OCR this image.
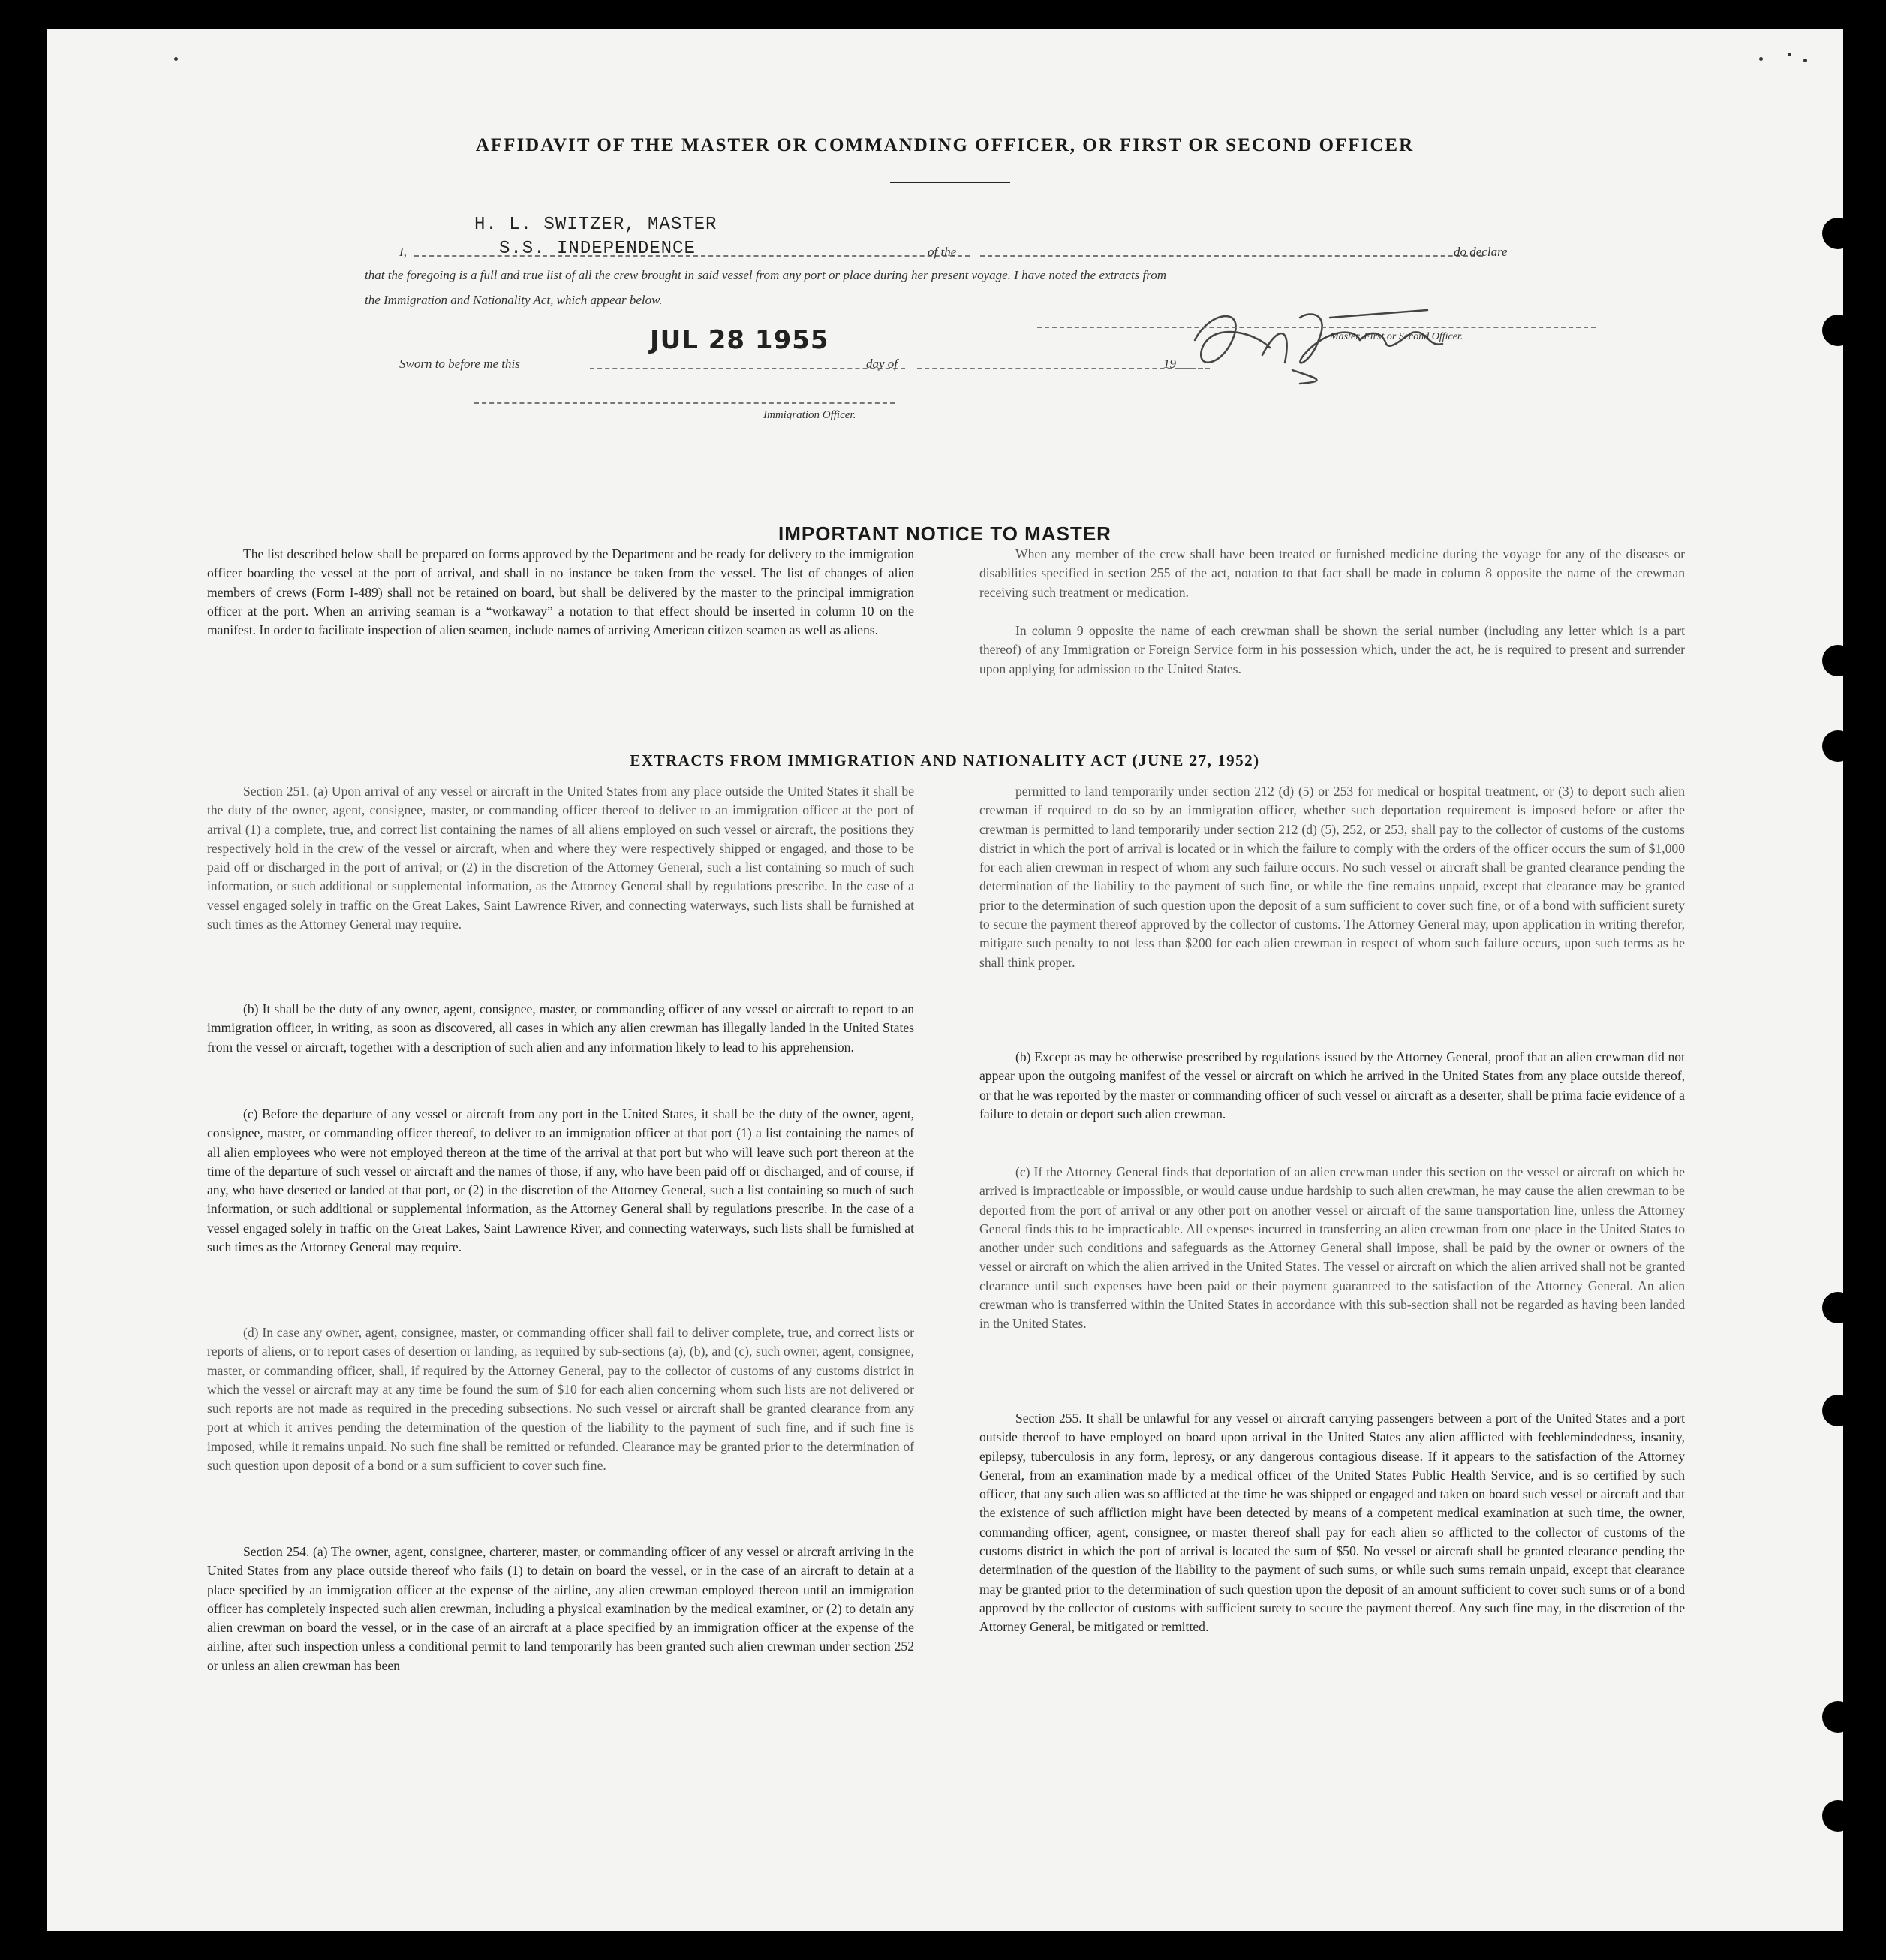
AFFIDAVIT OF THE MASTER OR COMMANDING OFFICER, OR FIRST OR SECOND OFFICER
H. L. SWITZER, MASTER
I,	S.S. INDEPENDENCE	of the	do declare
that the foregoing is a full and true list of all the crew brought in said vessel from any port or place during her present voyage. I have noted the extracts from
the Immigration and Nationality Act, which appear below.
Master, First or Second Officer.
JUL 28 1955
Sworn to before me this	day of	19
Immigration Officer.
IMPORTANT NOTICE TO MASTER
The list described below shall be prepared on forms approved by the Department and be ready for delivery to the immigration officer boarding the vessel at the port of arrival, and shall in no instance be taken from the vessel. The list of changes of alien members of crews (Form I-489) shall not be retained on board, but shall be delivered by the master to the principal immigration officer at the port. When an arriving seaman is a “workaway” a notation to that effect should be inserted in column 10 on the manifest. In order to facilitate inspection of alien seamen, include names of arriving American citizen seamen as well as aliens.
When any member of the crew shall have been treated or furnished medicine during the voyage for any of the diseases or disabilities specified in section 255 of the act, notation to that fact shall be made in column 8 opposite the name of the crewman receiving such treatment or medication.
In column 9 opposite the name of each crewman shall be shown the serial number (including any letter which is a part thereof) of any Immigration or Foreign Service form in his possession which, under the act, he is required to present and surrender upon applying for admission to the United States.
EXTRACTS FROM IMMIGRATION AND NATIONALITY ACT (JUNE 27, 1952)
Section 251. (a) Upon arrival of any vessel or aircraft in the United States from any place outside the United States it shall be the duty of the owner, agent, consignee, master, or commanding officer thereof to deliver to an immigration officer at the port of arrival (1) a complete, true, and correct list containing the names of all aliens employed on such vessel or aircraft, the positions they respectively hold in the crew of the vessel or aircraft, when and where they were respectively shipped or engaged, and those to be paid off or discharged in the port of arrival; or (2) in the discretion of the Attorney General, such a list containing so much of such information, or such additional or supplemental information, as the Attorney General shall by regulations prescribe. In the case of a vessel engaged solely in traffic on the Great Lakes, Saint Lawrence River, and connecting waterways, such lists shall be furnished at such times as the Attorney General may require.
(b) It shall be the duty of any owner, agent, consignee, master, or commanding officer of any vessel or aircraft to report to an immigration officer, in writing, as soon as discovered, all cases in which any alien crewman has illegally landed in the United States from the vessel or aircraft, together with a description of such alien and any information likely to lead to his apprehension.
(c) Before the departure of any vessel or aircraft from any port in the United States, it shall be the duty of the owner, agent, consignee, master, or commanding officer thereof, to deliver to an immigration officer at that port (1) a list containing the names of all alien employees who were not employed thereon at the time of the arrival at that port but who will leave such port thereon at the time of the departure of such vessel or aircraft and the names of those, if any, who have been paid off or discharged, and of course, if any, who have deserted or landed at that port, or (2) in the discretion of the Attorney General, such a list containing so much of such information, or such additional or supplemental information, as the Attorney General shall by regulations prescribe. In the case of a vessel engaged solely in traffic on the Great Lakes, Saint Lawrence River, and connecting waterways, such lists shall be furnished at such times as the Attorney General may require.
(d) In case any owner, agent, consignee, master, or commanding officer shall fail to deliver complete, true, and correct lists or reports of aliens, or to report cases of desertion or landing, as required by sub-sections (a), (b), and (c), such owner, agent, consignee, master, or commanding officer, shall, if required by the Attorney General, pay to the collector of customs of any customs district in which the vessel or aircraft may at any time be found the sum of $10 for each alien concerning whom such lists are not delivered or such reports are not made as required in the preceding subsections. No such vessel or aircraft shall be granted clearance from any port at which it arrives pending the determination of the question of the liability to the payment of such fine, and if such fine is imposed, while it remains unpaid. No such fine shall be remitted or refunded. Clearance may be granted prior to the determination of such question upon deposit of a bond or a sum sufficient to cover such fine.
Section 254. (a) The owner, agent, consignee, charterer, master, or commanding officer of any vessel or aircraft arriving in the United States from any place outside thereof who fails (1) to detain on board the vessel, or in the case of an aircraft to detain at a place specified by an immigration officer at the expense of the airline, any alien crewman employed thereon until an immigration officer has completely inspected such alien crewman, including a physical examination by the medical examiner, or (2) to detain any alien crewman on board the vessel, or in the case of an aircraft at a place specified by an immigration officer at the expense of the airline, after such inspection unless a conditional permit to land temporarily has been granted such alien crewman under section 252 or unless an alien crewman has been
permitted to land temporarily under section 212 (d) (5) or 253 for medical or hospital treatment, or (3) to deport such alien crewman if required to do so by an immigration officer, whether such deportation requirement is imposed before or after the crewman is permitted to land temporarily under section 212 (d) (5), 252, or 253, shall pay to the collector of customs of the customs district in which the port of arrival is located or in which the failure to comply with the orders of the officer occurs the sum of $1,000 for each alien crewman in respect of whom any such failure occurs. No such vessel or aircraft shall be granted clearance pending the determination of the liability to the payment of such fine, or while the fine remains unpaid, except that clearance may be granted prior to the determination of such question upon the deposit of a sum sufficient to cover such fine, or of a bond with sufficient surety to secure the payment thereof approved by the collector of customs. The Attorney General may, upon application in writing therefor, mitigate such penalty to not less than $200 for each alien crewman in respect of whom such failure occurs, upon such terms as he shall think proper.
(b) Except as may be otherwise prescribed by regulations issued by the Attorney General, proof that an alien crewman did not appear upon the outgoing manifest of the vessel or aircraft on which he arrived in the United States from any place outside thereof, or that he was reported by the master or commanding officer of such vessel or aircraft as a deserter, shall be prima facie evidence of a failure to detain or deport such alien crewman.
(c) If the Attorney General finds that deportation of an alien crewman under this section on the vessel or aircraft on which he arrived is impracticable or impossible, or would cause undue hardship to such alien crewman, he may cause the alien crewman to be deported from the port of arrival or any other port on another vessel or aircraft of the same transportation line, unless the Attorney General finds this to be impracticable. All expenses incurred in transferring an alien crewman from one place in the United States to another under such conditions and safeguards as the Attorney General shall impose, shall be paid by the owner or owners of the vessel or aircraft on which the alien arrived in the United States. The vessel or aircraft on which the alien arrived shall not be granted clearance until such expenses have been paid or their payment guaranteed to the satisfaction of the Attorney General. An alien crewman who is transferred within the United States in accordance with this sub-section shall not be regarded as having been landed in the United States.
Section 255. It shall be unlawful for any vessel or aircraft carrying passengers between a port of the United States and a port outside thereof to have employed on board upon arrival in the United States any alien afflicted with feeblemindedness, insanity, epilepsy, tuberculosis in any form, leprosy, or any dangerous contagious disease. If it appears to the satisfaction of the Attorney General, from an examination made by a medical officer of the United States Public Health Service, and is so certified by such officer, that any such alien was so afflicted at the time he was shipped or engaged and taken on board such vessel or aircraft and that the existence of such affliction might have been detected by means of a competent medical examination at such time, the owner, commanding officer, agent, consignee, or master thereof shall pay for each alien so afflicted to the collector of customs of the customs district in which the port of arrival is located the sum of $50. No vessel or aircraft shall be granted clearance pending the determination of the question of the liability to the payment of such sums, or while such sums remain unpaid, except that clearance may be granted prior to the determination of such question upon the deposit of an amount sufficient to cover such sums or of a bond approved by the collector of customs with sufficient surety to secure the payment thereof. Any such fine may, in the discretion of the Attorney General, be mitigated or remitted.
